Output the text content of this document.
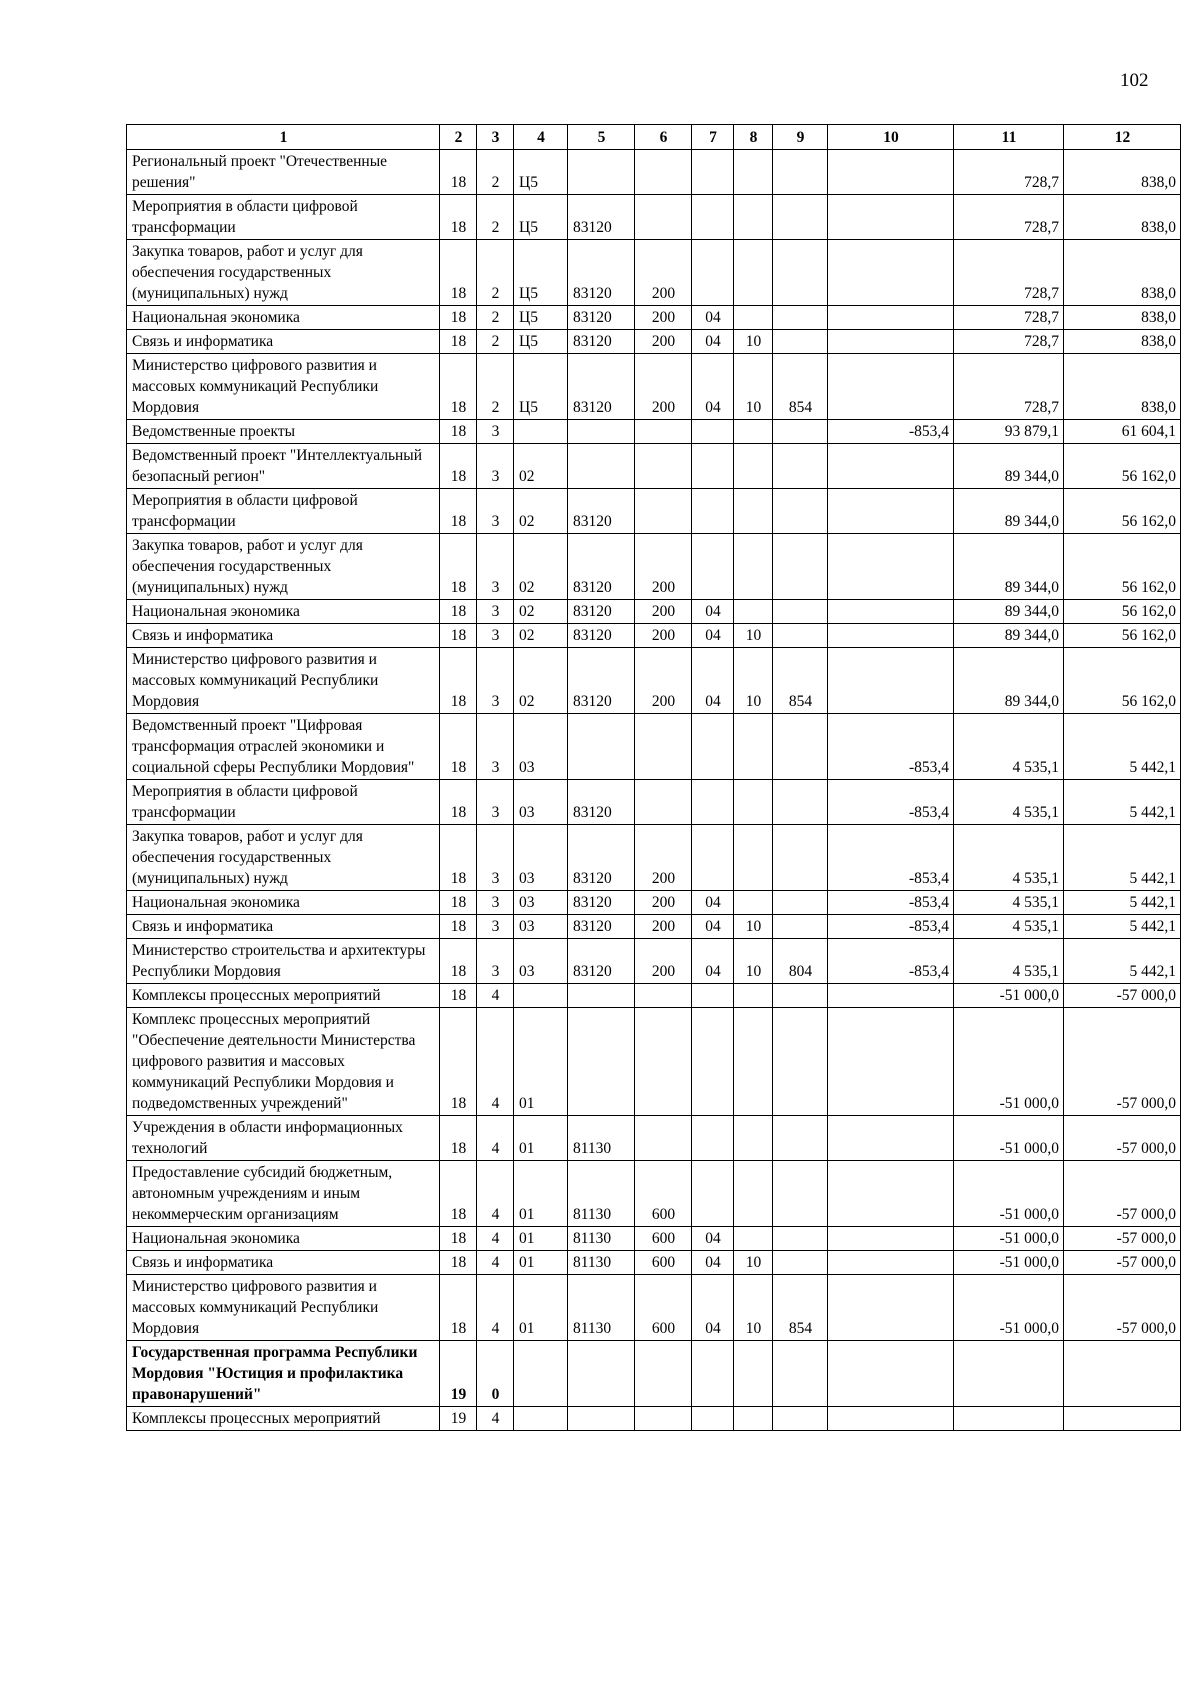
102
1	2	3	4	5	6	7	8	9	10	11	12
Региональный проект "Отечественные решения"	18	2	Ц5							728,7	838,0
Мероприятия в области цифровой трансформации	18	2	Ц5	83120						728,7	838,0
Закупка товаров, работ и услуг для обеспечения государственных (муниципальных) нужд	18	2	Ц5	83120	200					728,7	838,0
Национальная экономика	18	2	Ц5	83120	200	04				728,7	838,0
Связь и информатика	18	2	Ц5	83120	200	04	10			728,7	838,0
Министерство цифрового развития и массовых коммуникаций Республики Мордовия	18	2	Ц5	83120	200	04	10	854		728,7	838,0
Ведомственные проекты	18	3							-853,4	93 879,1	61 604,1
Ведомственный проект "Интеллектуальный безопасный регион"	18	3	02							89 344,0	56 162,0
Мероприятия в области цифровой трансформации	18	3	02	83120						89 344,0	56 162,0
Закупка товаров, работ и услуг для обеспечения государственных (муниципальных) нужд	18	3	02	83120	200					89 344,0	56 162,0
Национальная экономика	18	3	02	83120	200	04				89 344,0	56 162,0
Связь и информатика	18	3	02	83120	200	04	10			89 344,0	56 162,0
Министерство цифрового развития и массовых коммуникаций Республики Мордовия	18	3	02	83120	200	04	10	854		89 344,0	56 162,0
Ведомственный проект "Цифровая трансформация отраслей экономики и социальной сферы Республики Мордовия"	18	3	03						-853,4	4 535,1	5 442,1
Мероприятия в области цифровой трансформации	18	3	03	83120					-853,4	4 535,1	5 442,1
Закупка товаров, работ и услуг для обеспечения государственных (муниципальных) нужд	18	3	03	83120	200				-853,4	4 535,1	5 442,1
Национальная экономика	18	3	03	83120	200	04			-853,4	4 535,1	5 442,1
Связь и информатика	18	3	03	83120	200	04	10		-853,4	4 535,1	5 442,1
Министерство строительства и архитектуры Республики Мордовия	18	3	03	83120	200	04	10	804	-853,4	4 535,1	5 442,1
Комплексы процессных мероприятий	18	4								-51 000,0	-57 000,0
Комплекс процессных мероприятий "Обеспечение деятельности Министерства цифрового развития и массовых коммуникаций Республики Мордовия и подведомственных учреждений"	18	4	01							-51 000,0	-57 000,0
Учреждения в области информационных технологий	18	4	01	81130						-51 000,0	-57 000,0
Предоставление субсидий бюджетным, автономным учреждениям и иным некоммерческим организациям	18	4	01	81130	600					-51 000,0	-57 000,0
Национальная экономика	18	4	01	81130	600	04				-51 000,0	-57 000,0
Связь и информатика	18	4	01	81130	600	04	10			-51 000,0	-57 000,0
Министерство цифрового развития и массовых коммуникаций Республики Мордовия	18	4	01	81130	600	04	10	854		-51 000,0	-57 000,0
Государственная программа Республики Мордовия "Юстиция и профилактика правонарушений"	19	0									
Комплексы процессных мероприятий	19	4									
